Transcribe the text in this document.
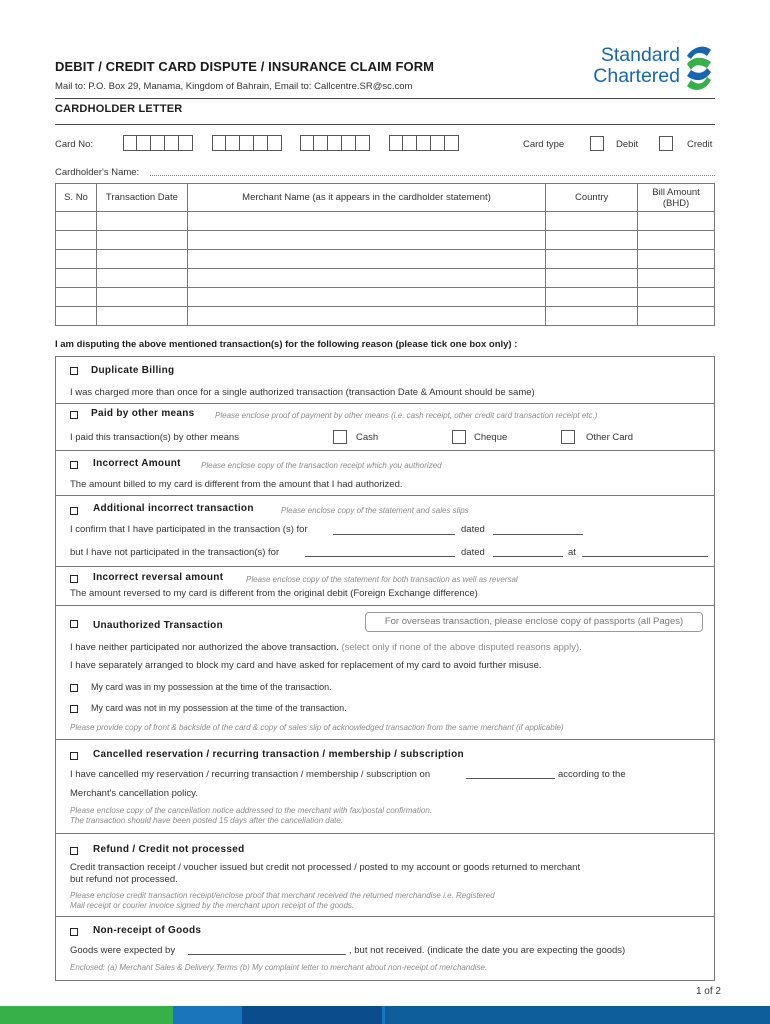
DEBIT / CREDIT CARD DISPUTE / INSURANCE CLAIM FORM
Mail to: P.O. Box 29, Manama, Kingdom of Bahrain, Email to: Callcentre.SR@sc.com
Standard
Chartered
CARDHOLDER LETTER
Card No:	Card type	Debit	Credit
Cardholder's Name:
S. No	Transaction Date	Merchant Name (as it appears in the cardholder statement)	Country	Bill Amount
(BHD)

I am disputing the above mentioned transaction(s) for the following reason (please tick one box only) :
Duplicate Billing
I was charged more than once for a single authorized transaction (transaction Date & Amount should be same)
Paid by other means	Please enclose proof of payment by other means (i.e. cash receipt, other credit card transaction receipt etc.)
I paid this transaction(s) by other means	Cash	Cheque	Other Card
Incorrect Amount	Please enclose copy of the transaction receipt which you authorized
The amount billed to my card is different from the amount that I had authorized.
Additional incorrect transaction	Please enclose copy of the statement and sales slips
I confirm that I have participated in the transaction (s) for	dated
but I have not participated in the transaction(s) for	dated	at
Incorrect reversal amount	Please enclose copy of the statement for both transaction as well as reversal
The amount reversed to my card is different from the original debit (Foreign Exchange difference)
Unauthorized Transaction	For overseas transaction, please enclose copy of passports (all Pages)
I have neither participated nor authorized the above transaction. (select only if none of the above disputed reasons apply).
I have separately arranged to block my card and have asked for replacement of my card to avoid further misuse.
My card was in my possession at the time of the transaction.
My card was not in my possession at the time of the transaction.
Please provide copy of front & backside of the card & copy of sales slip of acknowledged transaction from the same merchant (if applicable)
Cancelled reservation / recurring transaction / membership / subscription
I have cancelled my reservation / recurring transaction / membership / subscription on	according to the
Merchant's cancellation policy.
Please enclose copy of the cancellation notice addressed to the merchant with fax/postal confirmation.
The transaction should have been posted 15 days after the cancellation date.
Refund / Credit not processed
Credit transaction receipt / voucher issued but credit not processed / posted to my account or goods returned to merchant
but refund not processed.
Please enclose credit transaction receipt/enclose proof that merchant received the returned merchandise i.e. Registered
Mail receipt or courier invoice signed by the merchant upon receipt of the goods.
Non-receipt of Goods
Goods were expected by	, but not received. (indicate the date you are expecting the goods)
Enclosed: (a) Merchant Sales & Delivery Terms (b) My complaint letter to merchant about non-receipt of merchandise.
1 of 2
